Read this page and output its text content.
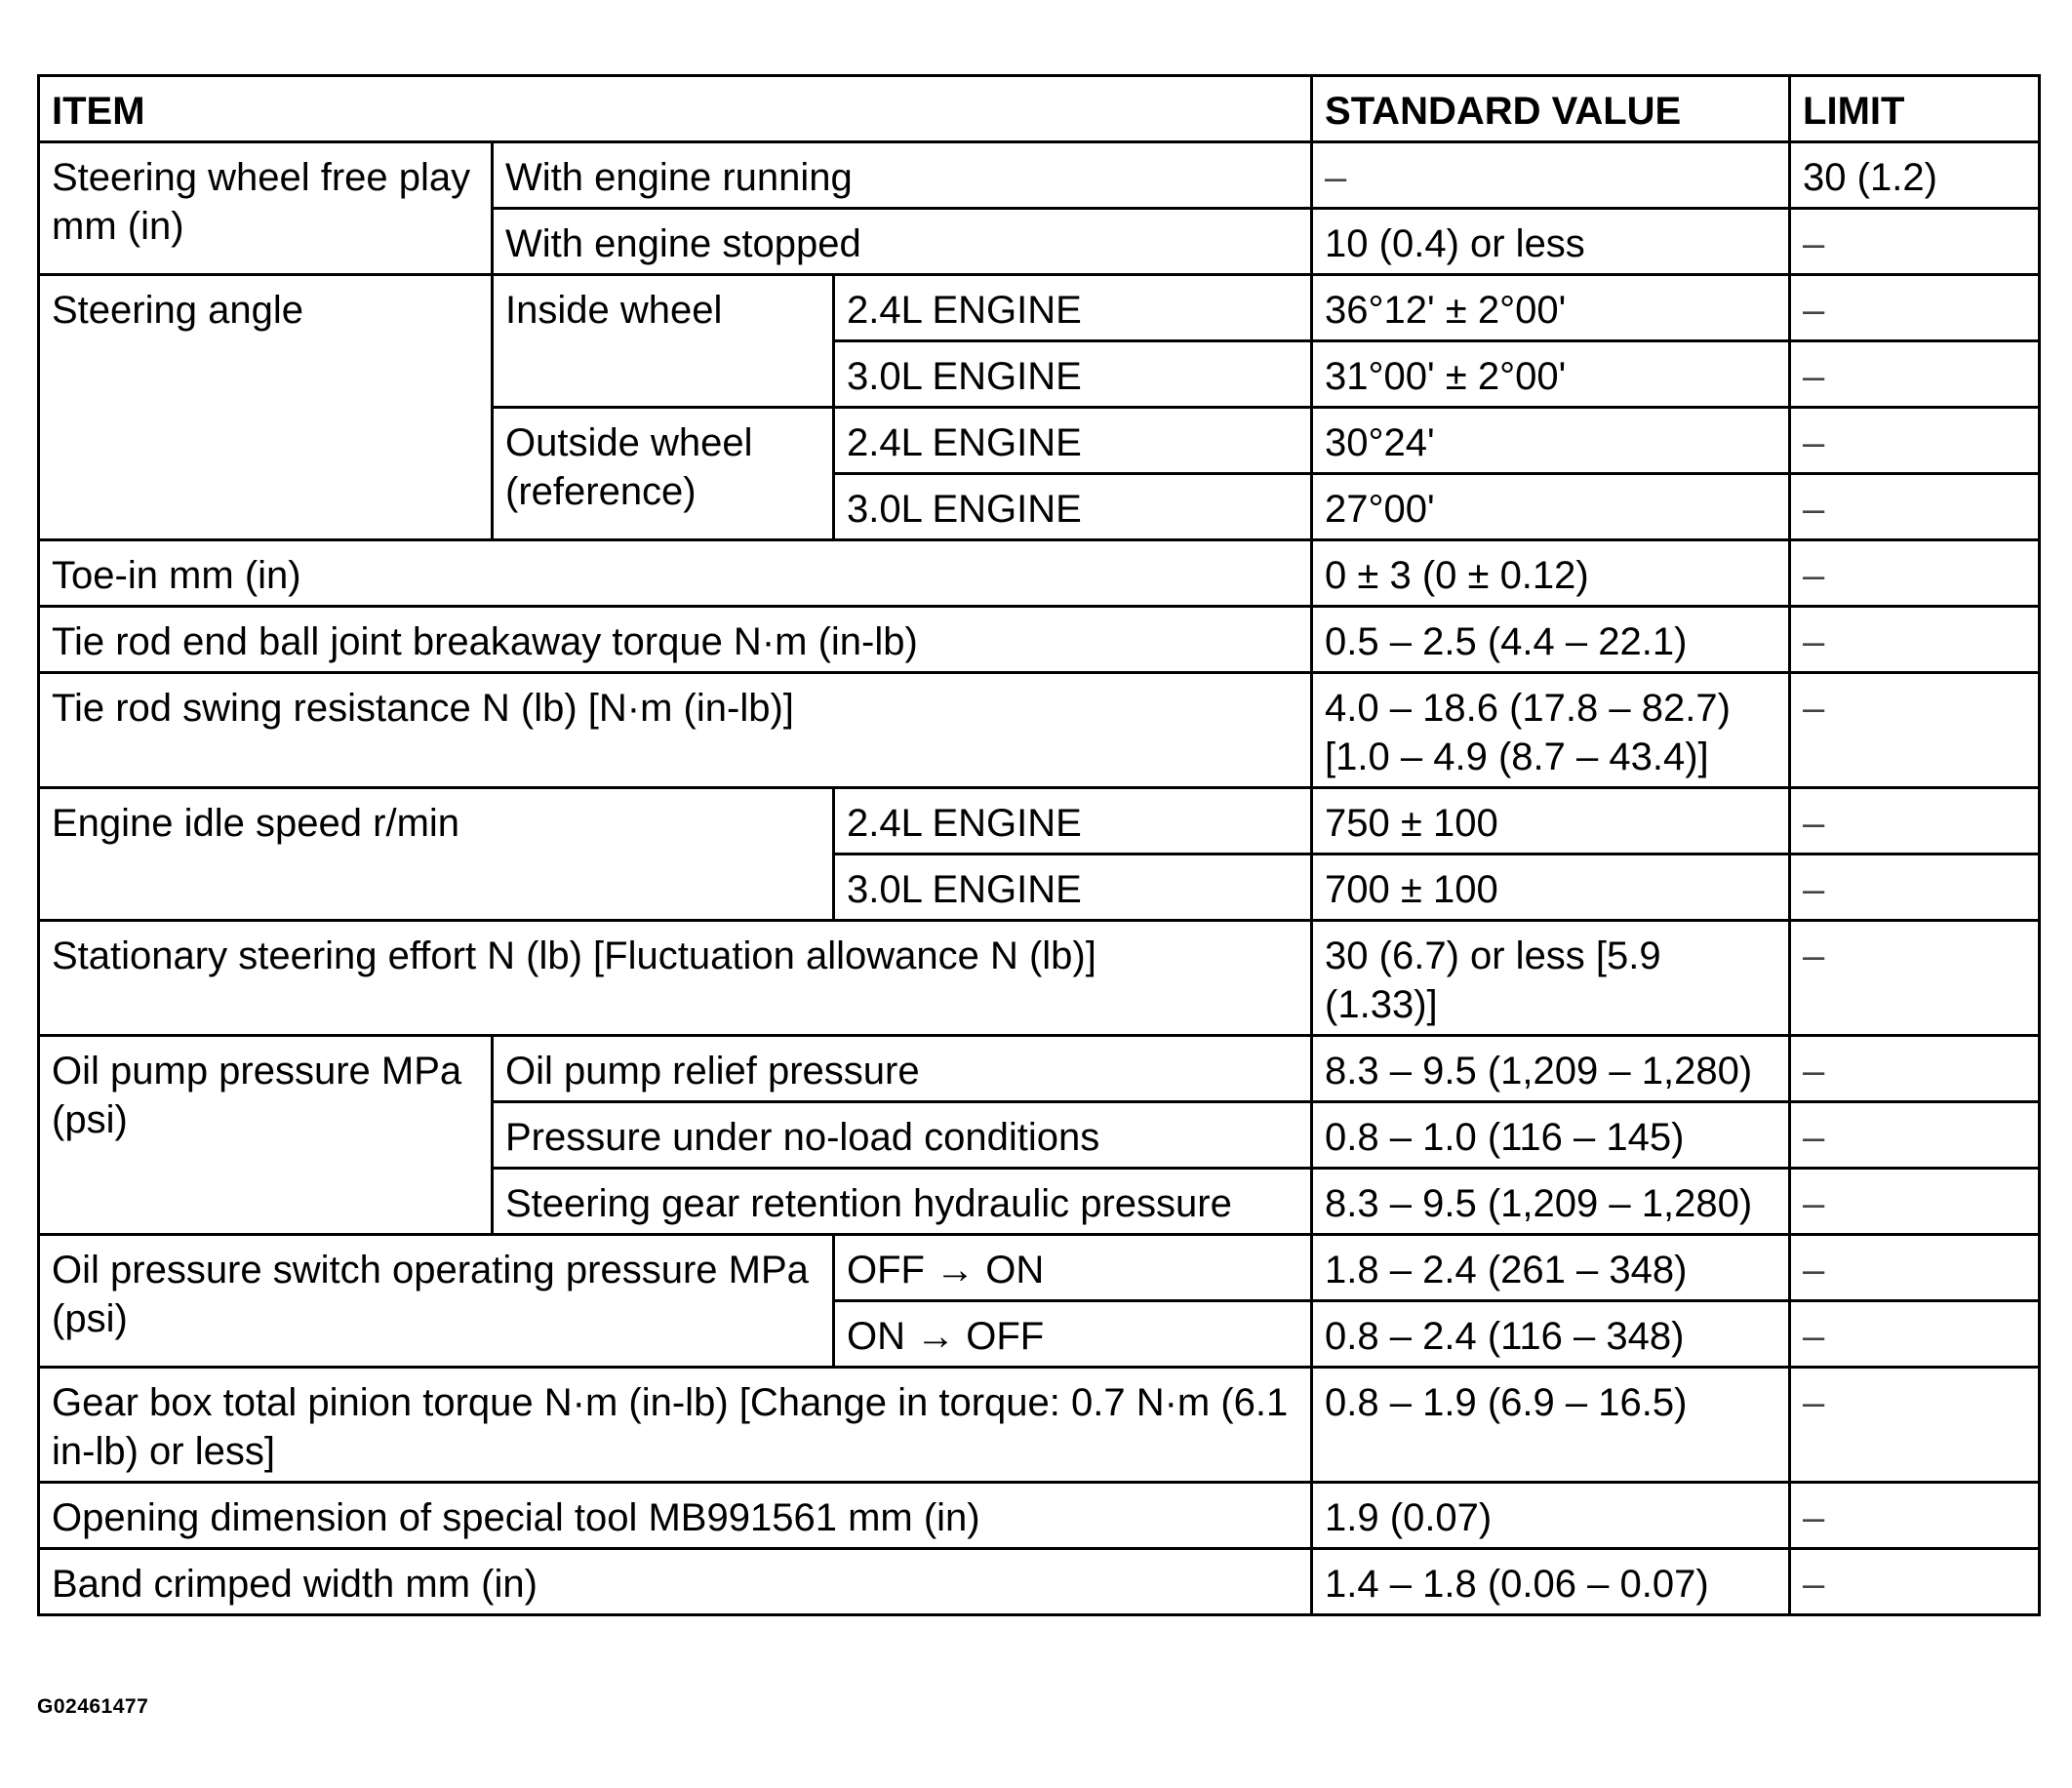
ITEM			STANDARD VALUE	LIMIT
Steering wheel free play mm (in)	With engine running		–	30 (1.2)
	With engine stopped		10 (0.4) or less	–
Steering angle	Inside wheel	2.4L ENGINE	36°12' ± 2°00'	–
		3.0L ENGINE	31°00' ± 2°00'	–
	Outside wheel (reference)	2.4L ENGINE	30°24'	–
		3.0L ENGINE	27°00'	–
Toe-in mm (in)			0 ± 3 (0 ± 0.12)	–
Tie rod end ball joint breakaway torque N·m (in-lb)			0.5 – 2.5 (4.4 – 22.1)	–
Tie rod swing resistance N (lb) [N·m (in-lb)]			4.0 – 18.6 (17.8 – 82.7) [1.0 – 4.9 (8.7 – 43.4)]	–
Engine idle speed r/min		2.4L ENGINE	750 ± 100	–
		3.0L ENGINE	700 ± 100	–
Stationary steering effort N (lb) [Fluctuation allowance N (lb)]			30 (6.7) or less [5.9 (1.33)]	–
Oil pump pressure MPa (psi)	Oil pump relief pressure		8.3 – 9.5 (1,209 – 1,280)	–
	Pressure under no-load conditions		0.8 – 1.0 (116 – 145)	–
	Steering gear retention hydraulic pressure		8.3 – 9.5 (1,209 – 1,280)	–
Oil pressure switch operating pressure MPa (psi)		OFF → ON	1.8 – 2.4 (261 – 348)	–
		ON → OFF	0.8 – 2.4 (116 – 348)	–
Gear box total pinion torque N·m (in-lb) [Change in torque: 0.7 N·m (6.1 in-lb) or less]			0.8 – 1.9 (6.9 – 16.5)	–
Opening dimension of special tool MB991561 mm (in)			1.9 (0.07)	–
Band crimped width mm (in)			1.4 – 1.8 (0.06 – 0.07)	–
G02461477
